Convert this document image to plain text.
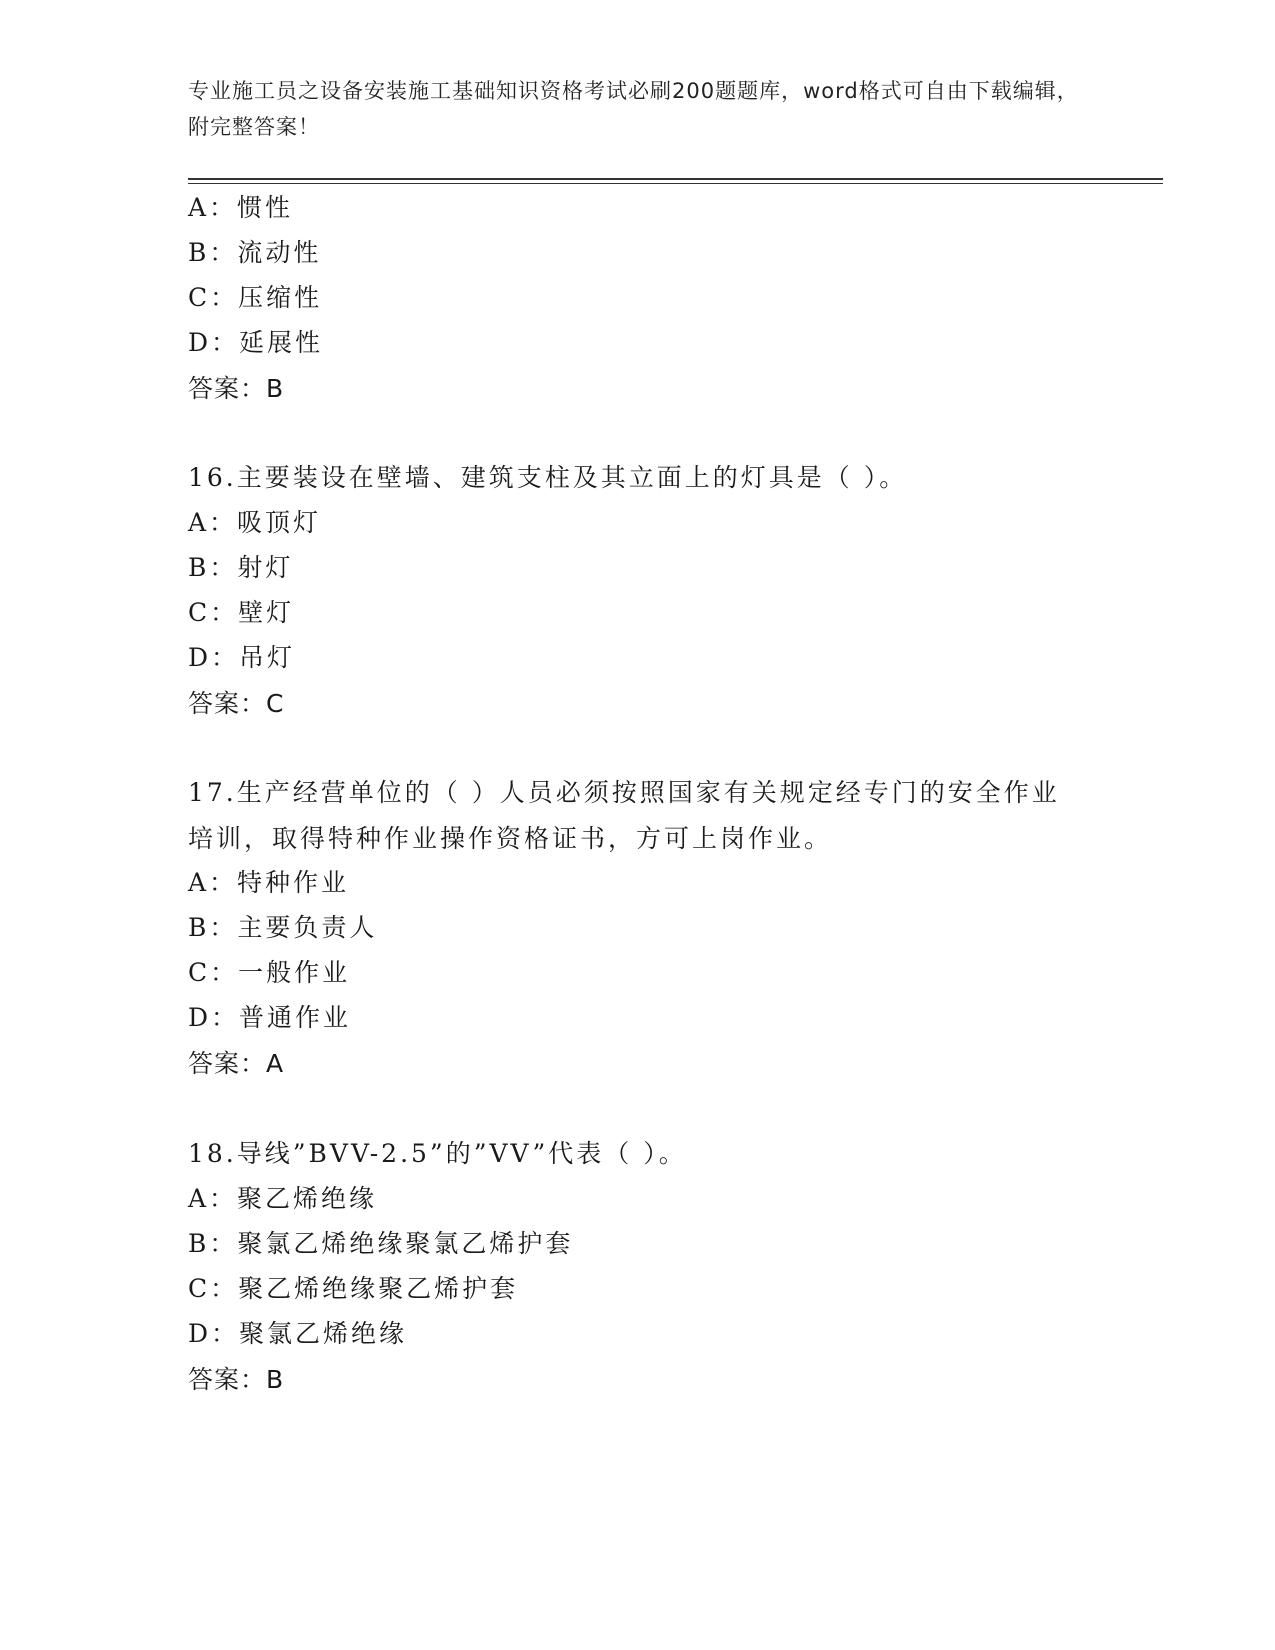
专业施工员之设备安装施工基础知识资格考试必刷200题题库，word格式可自由下载编辑，附完整答案！
A：惯性
B：流动性
C：压缩性
D：延展性
答案：B
16.主要装设在壁墙、建筑支柱及其立面上的灯具是（ ）。
A：吸顶灯
B：射灯
C：壁灯
D：吊灯
答案：C
17.生产经营单位的（ ）人员必须按照国家有关规定经专门的安全作业培训，取得特种作业操作资格证书，方可上岗作业。
A：特种作业
B：主要负责人
C：一般作业
D：普通作业
答案：A
18.导线”BVV-2.5”的”VV”代表（ ）。
A：聚乙烯绝缘
B：聚氯乙烯绝缘聚氯乙烯护套
C：聚乙烯绝缘聚乙烯护套
D：聚氯乙烯绝缘
答案：B
